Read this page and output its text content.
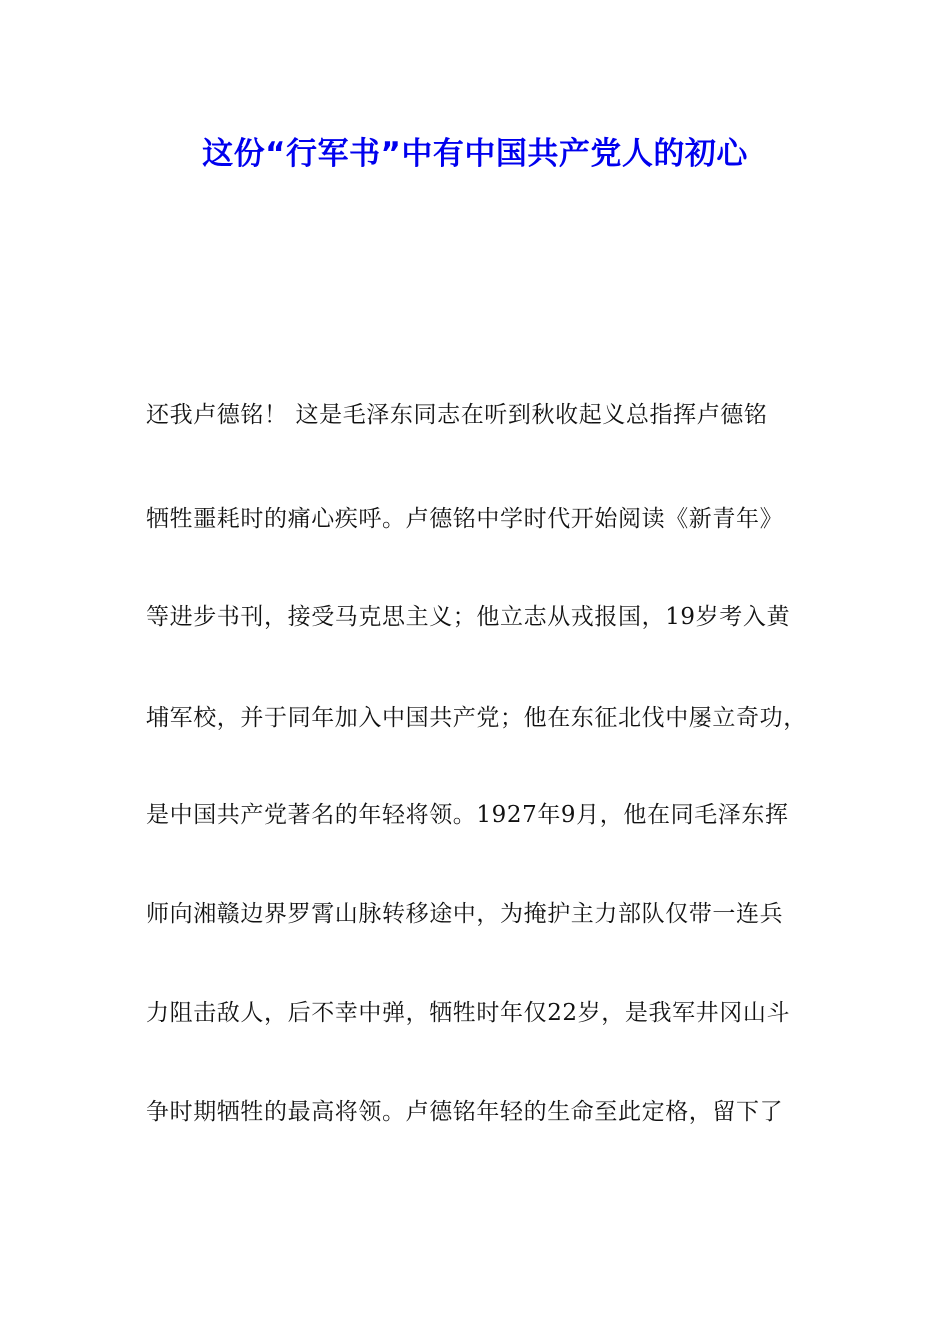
这份“行军书”中有中国共产党人的初心

还我卢德铭！ 这是毛泽东同志在听到秋收起义总指挥卢德铭

牺牲噩耗时的痛心疾呼。卢德铭中学时代开始阅读《新青年》

等进步书刊，接受马克思主义；他立志从戎报国，19岁考入黄

埔军校，并于同年加入中国共产党；他在东征北伐中屡立奇功，

是中国共产党著名的年轻将领。1927年9月，他在同毛泽东挥

师向湘赣边界罗霄山脉转移途中，为掩护主力部队仅带一连兵

力阻击敌人，后不幸中弹，牺牲时年仅22岁，是我军井冈山斗

争时期牺牲的最高将领。卢德铭年轻的生命至此定格，留下了
